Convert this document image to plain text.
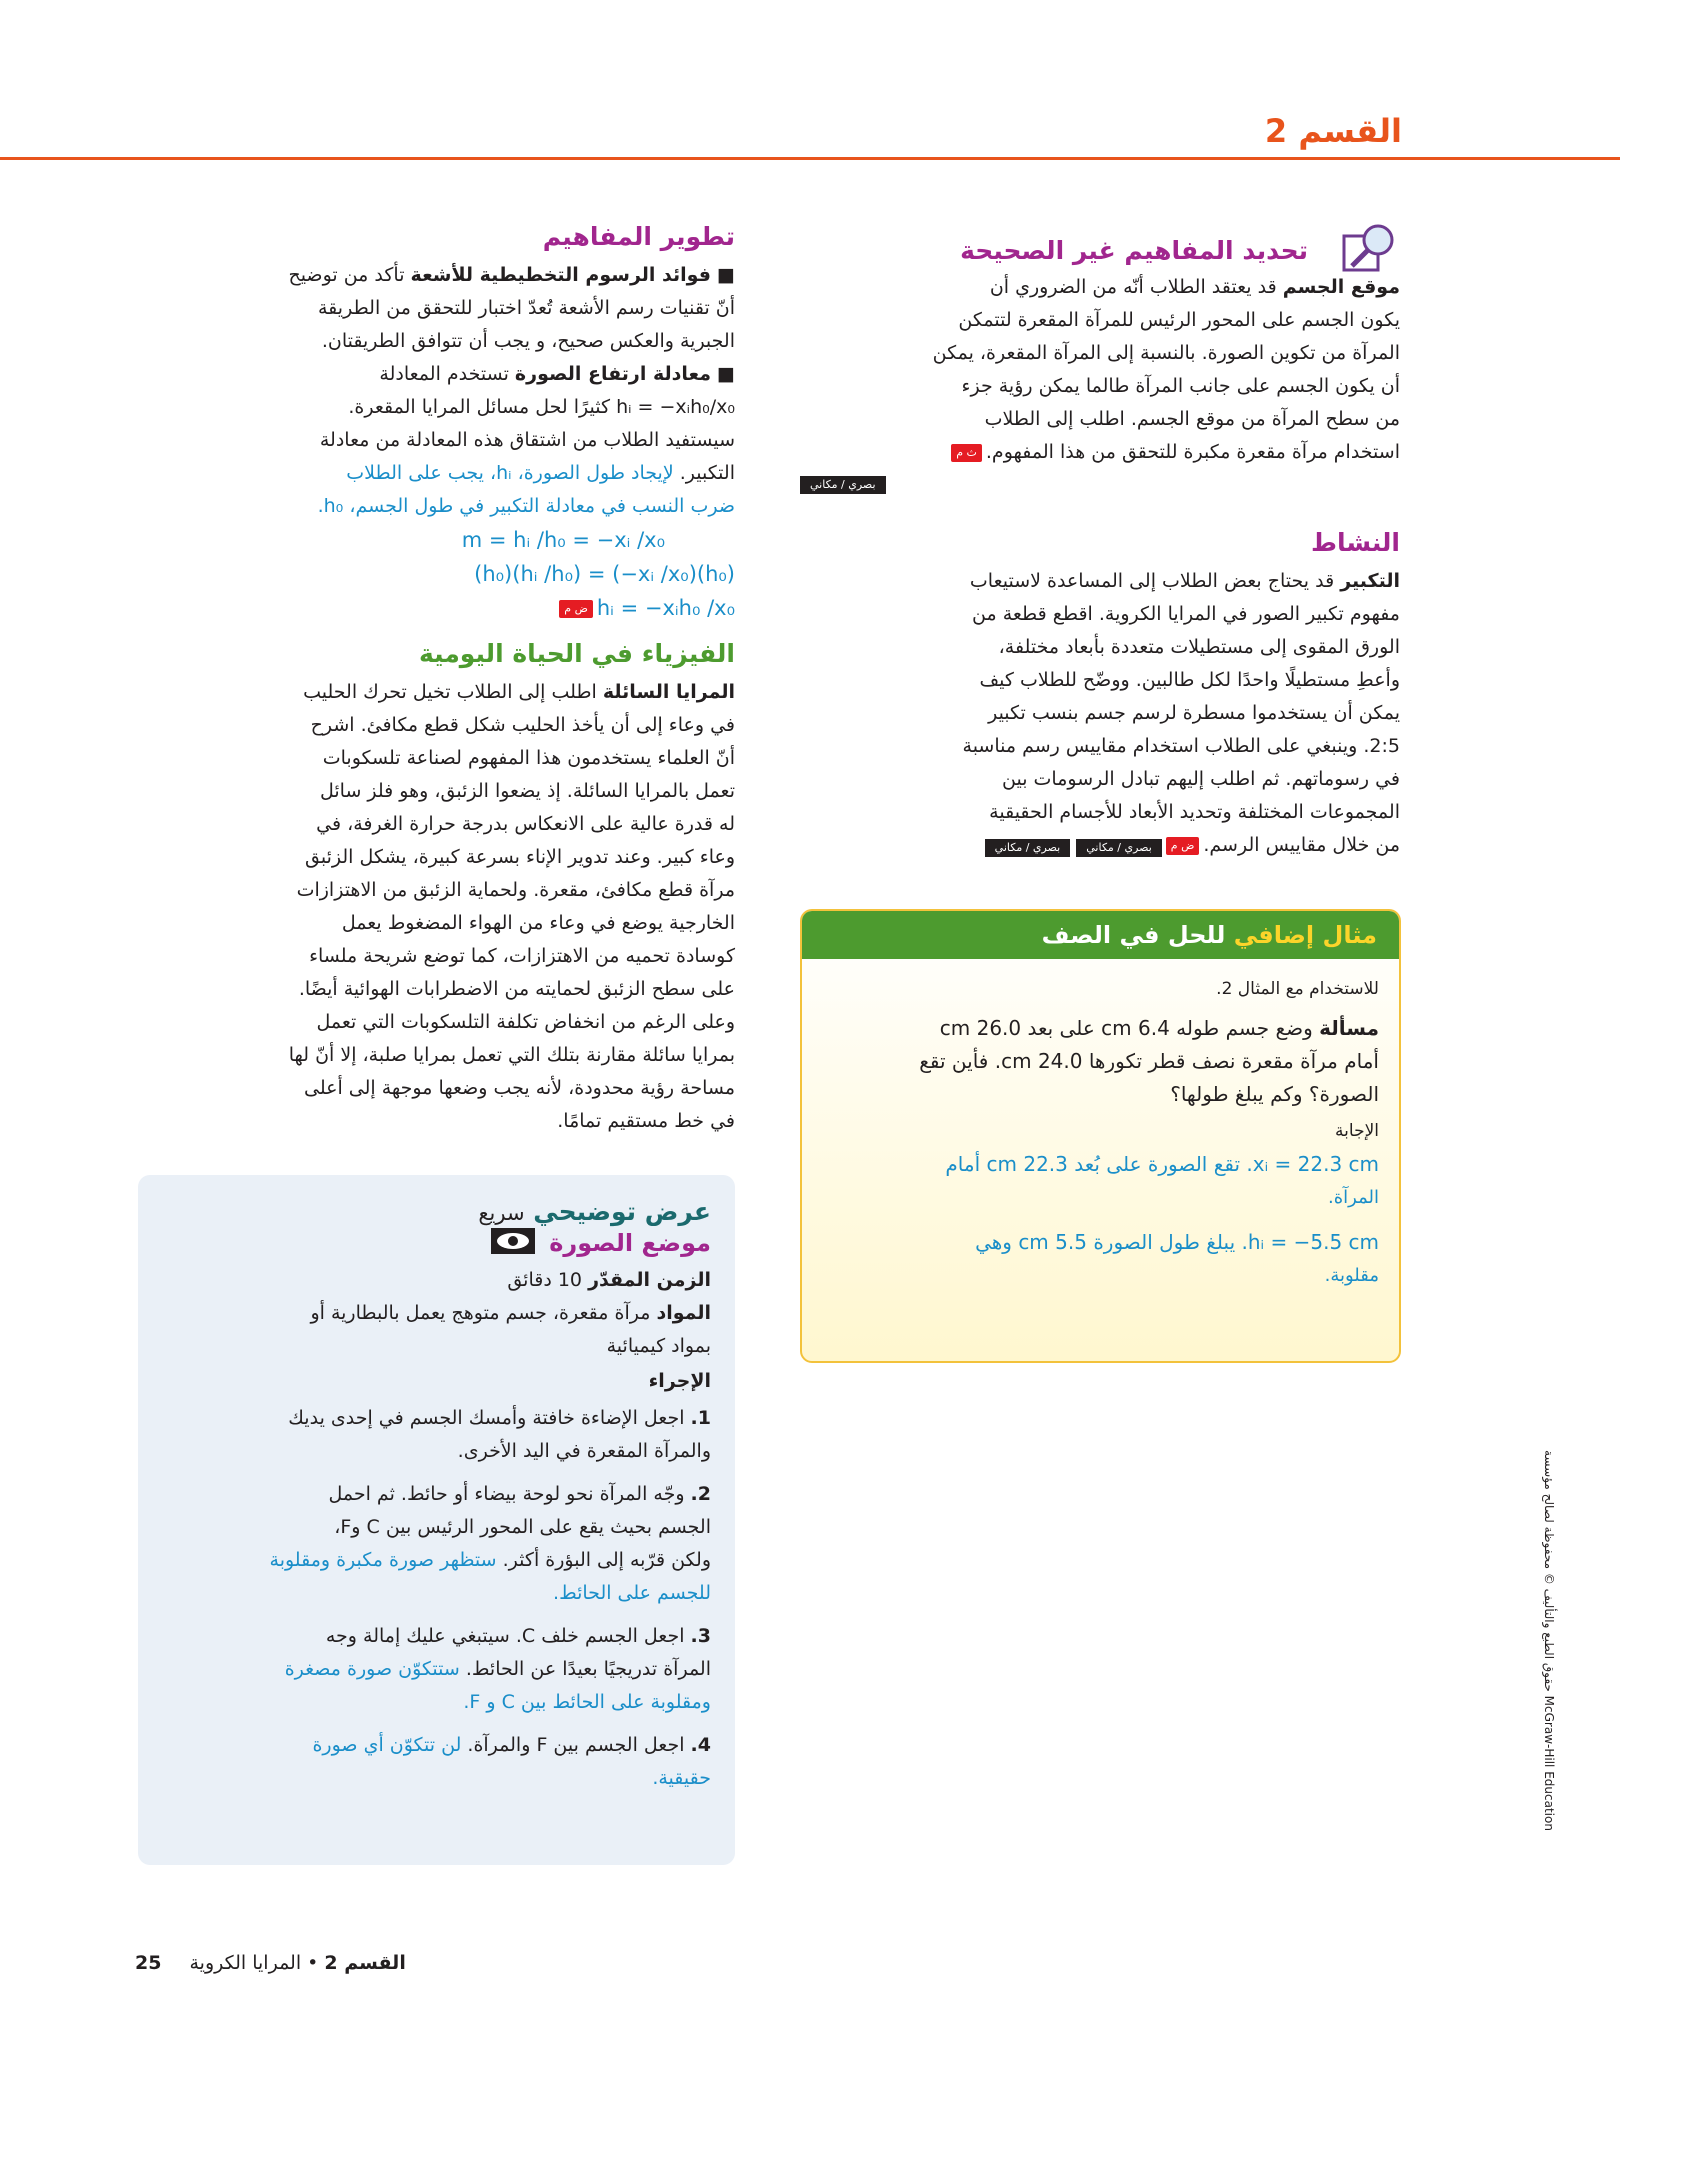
القسم 2
تحديد المفاهيم غير الصحيحة

موقع الجسم قد يعتقد الطلاب أنّه من الضروري أن

يكون الجسم على المحور الرئيس للمرآة المقعرة لتتمكن

المرآة من تكوين الصورة. بالنسبة إلى المرآة المقعرة، يمكن

أن يكون الجسم على جانب المرآة طالما يمكن رؤية جزء

من سطح المرآة من موقع الجسم. اطلب إلى الطلاب

استخدام مرآة مقعرة مكبرة للتحقق من هذا المفهوم.ث م

بصري / مكاني
النشاط

التكبير قد يحتاج بعض الطلاب إلى المساعدة لاستيعاب

مفهوم تكبير الصور في المرايا الكروية. اقطع قطعة من

الورق المقوى إلى مستطيلات متعددة بأبعاد مختلفة،

وأعطِ مستطيلًا واحدًا لكل طالبين. ووضّح للطلاب كيف

يمكن أن يستخدموا مسطرة لرسم جسم بنسب تكبير

2:5. وينبغي على الطلاب استخدام مقاييس رسم مناسبة

في رسوماتهم. ثم اطلب إليهم تبادل الرسومات بين

المجموعات المختلفة وتحديد الأبعاد للأجسام الحقيقية

من خلال مقاييس الرسم.ض مبصري / مكاني بصري / مكاني

مثال إضافي للحل في الصف

للاستخدام مع المثال 2.

مسألة وضع جسم طوله 6.4 cm على بعد 26.0 cm

أمام مرآة مقعرة نصف قطر تكورها 24.0 cm. فأين تقع

الصورة؟ وكم يبلغ طولها؟

الإجابة

xᵢ = 22.3 cm. تقع الصورة على بُعد 22.3 cm أمام

المرآة.

hᵢ = −5.5 cm. يبلغ طول الصورة 5.5 cm وهي

مقلوبة.

تطوير المفاهيم

■ فوائد الرسوم التخطيطية للأشعة تأكد من توضيح

أنّ تقنيات رسم الأشعة تُعدّ اختبار للتحقق من الطريقة

الجبرية والعكس صحيح، و يجب أن تتوافق الطريقتان.

■ معادلة ارتفاع الصورة تستخدم المعادلة

hᵢ = −xᵢh₀/x₀ كثيرًا لحل مسائل المرايا المقعرة.

سيستفيد الطلاب من اشتقاق هذه المعادلة من معادلة

التكبير. لإيجاد طول الصورة، hᵢ، يجب على الطلاب

ضرب النسب في معادلة التكبير في طول الجسم، h₀.

m = hᵢ /h₀ = −xᵢ /x₀
(h₀)(hᵢ /h₀) = (−xᵢ /x₀)(h₀)
hᵢ = −xᵢh₀ /x₀ض م
الفيزياء في الحياة اليومية

المرايا السائلة اطلب إلى الطلاب تخيل تحرك الحليب

في وعاء إلى أن يأخذ الحليب شكل قطع مكافئ. اشرح

أنّ العلماء يستخدمون هذا المفهوم لصناعة تلسكوبات

تعمل بالمرايا السائلة. إذ يضعوا الزئبق، وهو فلز سائل

له قدرة عالية على الانعكاس بدرجة حرارة الغرفة، في

وعاء كبير. وعند تدوير الإناء بسرعة كبيرة، يشكل الزئبق

مرآة قطع مكافئ، مقعرة. ولحماية الزئبق من الاهتزازات

الخارجية يوضع في وعاء من الهواء المضغوط يعمل

كوسادة تحميه من الاهتزازات، كما توضع شريحة ملساء

على سطح الزئبق لحمايته من الاضطرابات الهوائية أيضًا.

وعلى الرغم من انخفاض تكلفة التلسكوبات التي تعمل

بمرايا سائلة مقارنة بتلك التي تعمل بمرايا صلبة، إلا أنّ لها

مساحة رؤية محدودة، لأنه يجب وضعها موجهة إلى أعلى

في خط مستقيم تمامًا.

عرض توضيحي سريع
موضع الصورة

الزمن المقدّر 10 دقائق

المواد مرآة مقعرة، جسم متوهج يعمل بالبطارية أو

بمواد كيميائية

الإجراء

1. اجعل الإضاءة خافتة وأمسك الجسم في إحدى يديك

والمرآة المقعرة في اليد الأخرى.

2. وجّه المرآة نحو لوحة بيضاء أو حائط. ثم احمل

الجسم بحيث يقع على المحور الرئيس بين C وF،

ولكن قرّبه إلى البؤرة أكثر. ستظهر صورة مكبرة ومقلوبة

للجسم على الحائط.

3. اجعل الجسم خلف C. سيتبغي عليك إمالة وجه

المرآة تدريجيًا بعيدًا عن الحائط. ستتكوّن صورة مصغرة

ومقلوبة على الحائط بين C و F.

4. اجعل الجسم بين F والمرآة. لن تتكوّن أي صورة

حقيقية.

القسم 2 • المرايا الكروية 25
حقوق الطبع والتأليف © محفوظة لصالح مؤسسة McGraw-Hill Education
